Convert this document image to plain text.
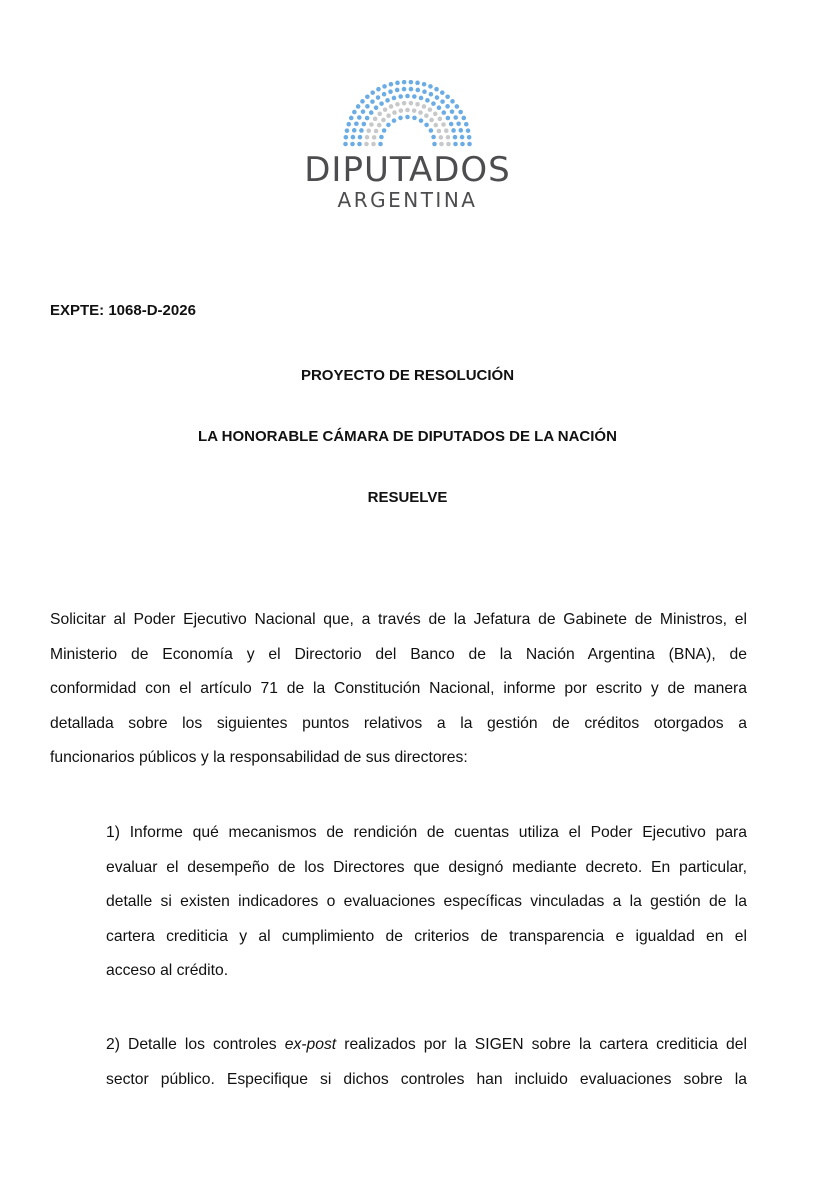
DIPUTADOS
ARGENTINA
EXPTE: 1068-D-2026
PROYECTO DE RESOLUCIÓN
LA HONORABLE CÁMARA DE DIPUTADOS DE LA NACIÓN
RESUELVE
Solicitar al Poder Ejecutivo Nacional que, a través de la Jefatura de Gabinete de Ministros, el
Ministerio de Economía y el Directorio del Banco de la Nación Argentina (BNA), de
conformidad con el artículo 71 de la Constitución Nacional, informe por escrito y de manera
detallada sobre los siguientes puntos relativos a la gestión de créditos otorgados a
funcionarios públicos y la responsabilidad de sus directores:
1) Informe qué mecanismos de rendición de cuentas utiliza el Poder Ejecutivo para
evaluar el desempeño de los Directores que designó mediante decreto. En particular,
detalle si existen indicadores o evaluaciones específicas vinculadas a la gestión de la
cartera crediticia y al cumplimiento de criterios de transparencia e igualdad en el
acceso al crédito.
2) Detalle los controles ex-post realizados por la SIGEN sobre la cartera crediticia del
sector público. Especifique si dichos controles han incluido evaluaciones sobre la
